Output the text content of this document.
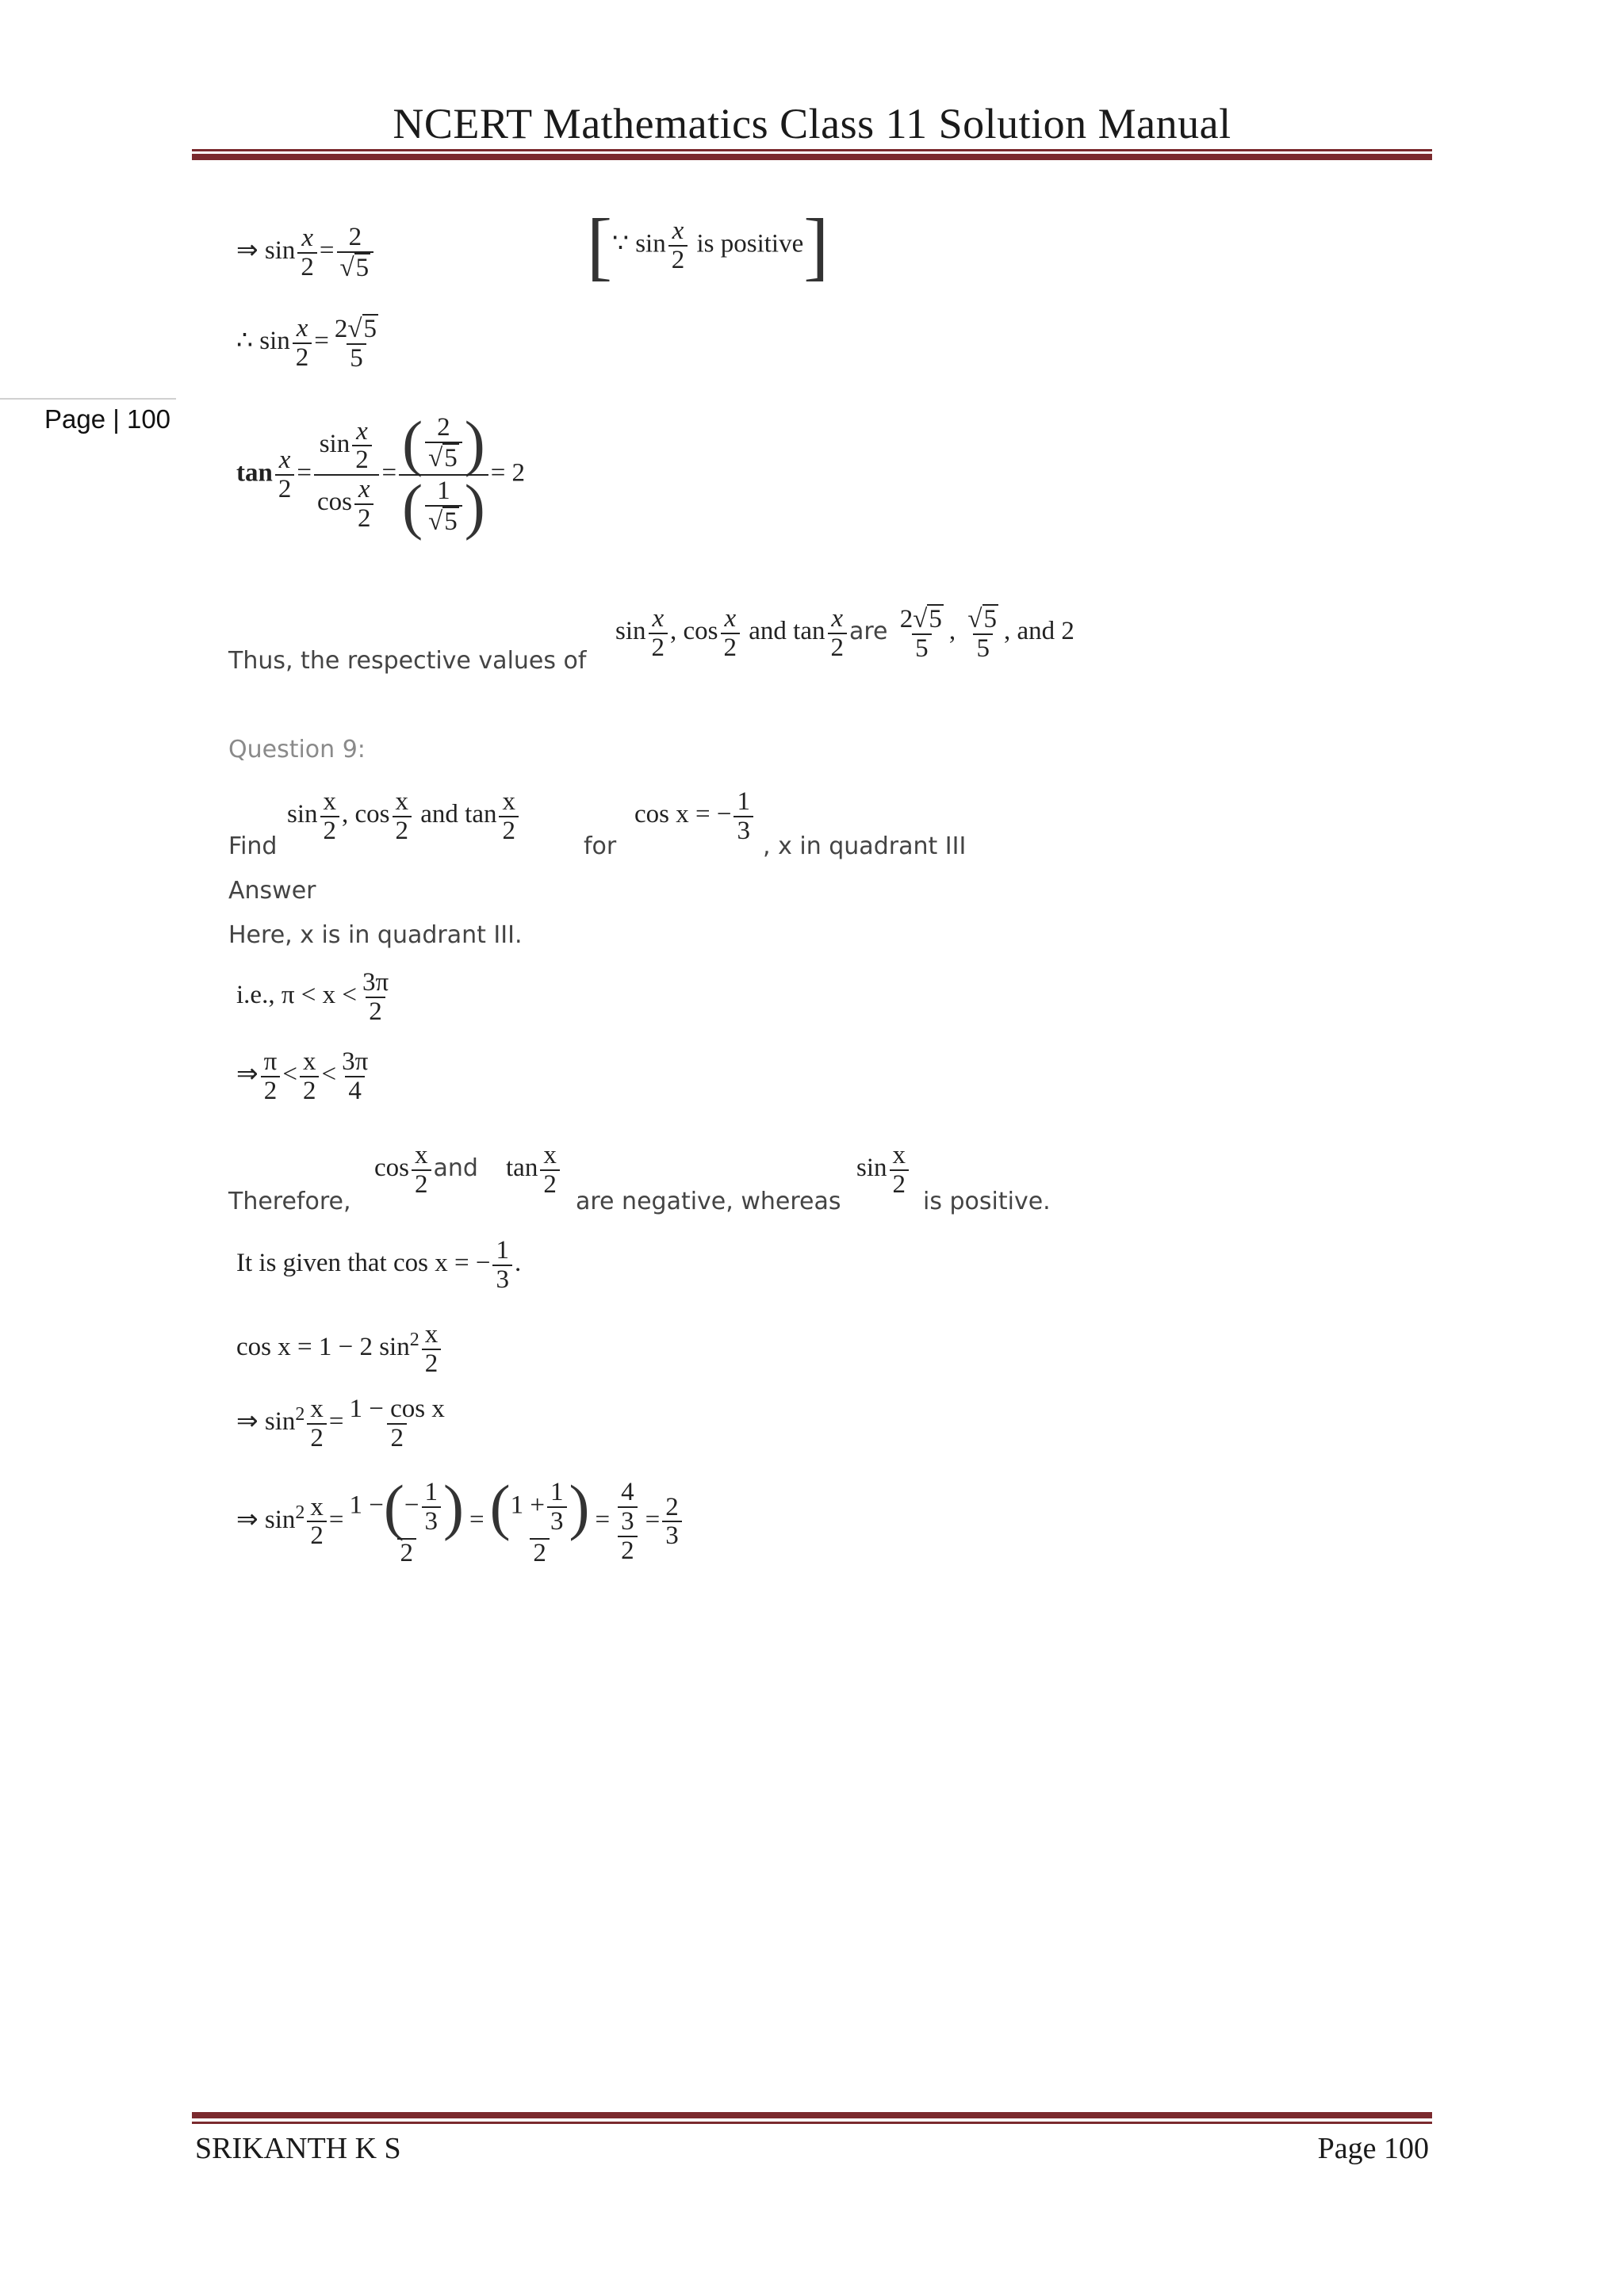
NCERT Mathematics Class 11 Solution Manual
Page | 100
⇒ $\sin \frac{x}{2} = \frac{2}{√5}$	[∵ $\sin \frac{x}{2}$ is positive]
∴ $\sin \frac{x}{2} = \frac{2√5}{5}$
$\tan \frac{x}{2} = \frac{\sin \frac{x}{2}}{\cos \frac{x}{2}} = \frac{( \frac{2}{√5} )}{( \frac{1}{√5} )} = 2$
Thus, the respective values of
$\sin \frac{x}{2}$ , $\cos \frac{x}{2}$ and $\tan \frac{x}{2}$ are $\frac{2√5}{5}$ , $\frac{√5}{5}$ , and 2
Question 9:
Find
$\sin \frac{x}{2}$ , $\cos \frac{x}{2}$ and $\tan \frac{x}{2}$
for
cos x = − $\frac{1}{3}$
, x in quadrant III
Answer
Here, x is in quadrant III.
i.e., $\pi < x < \frac{3\pi}{2}$
⇒ $\frac{\pi}{2} < \frac{x}{2} < \frac{3\pi}{4}$
Therefore,
$\cos \frac{x}{2}$ and $\tan \frac{x}{2}$
are negative, whereas
$\sin \frac{x}{2}$
is positive.
It is given that cos x = − $\frac{1}{3}$ .
cos x = 1 − 2 $\sin^2 \frac{x}{2}$
⇒ $\sin^2 \frac{x}{2} = \frac{\text{1 − cos x}}{2}$
⇒ $\sin^2 \frac{x}{2} = \frac{1 -(- \frac{1}{3} )}{2} = \frac{(1 + \frac{1}{3} )}{2} = \frac{\frac{4}{3}}{2} = \frac{2}{3}$
SRIKANTH K S	Page 100
